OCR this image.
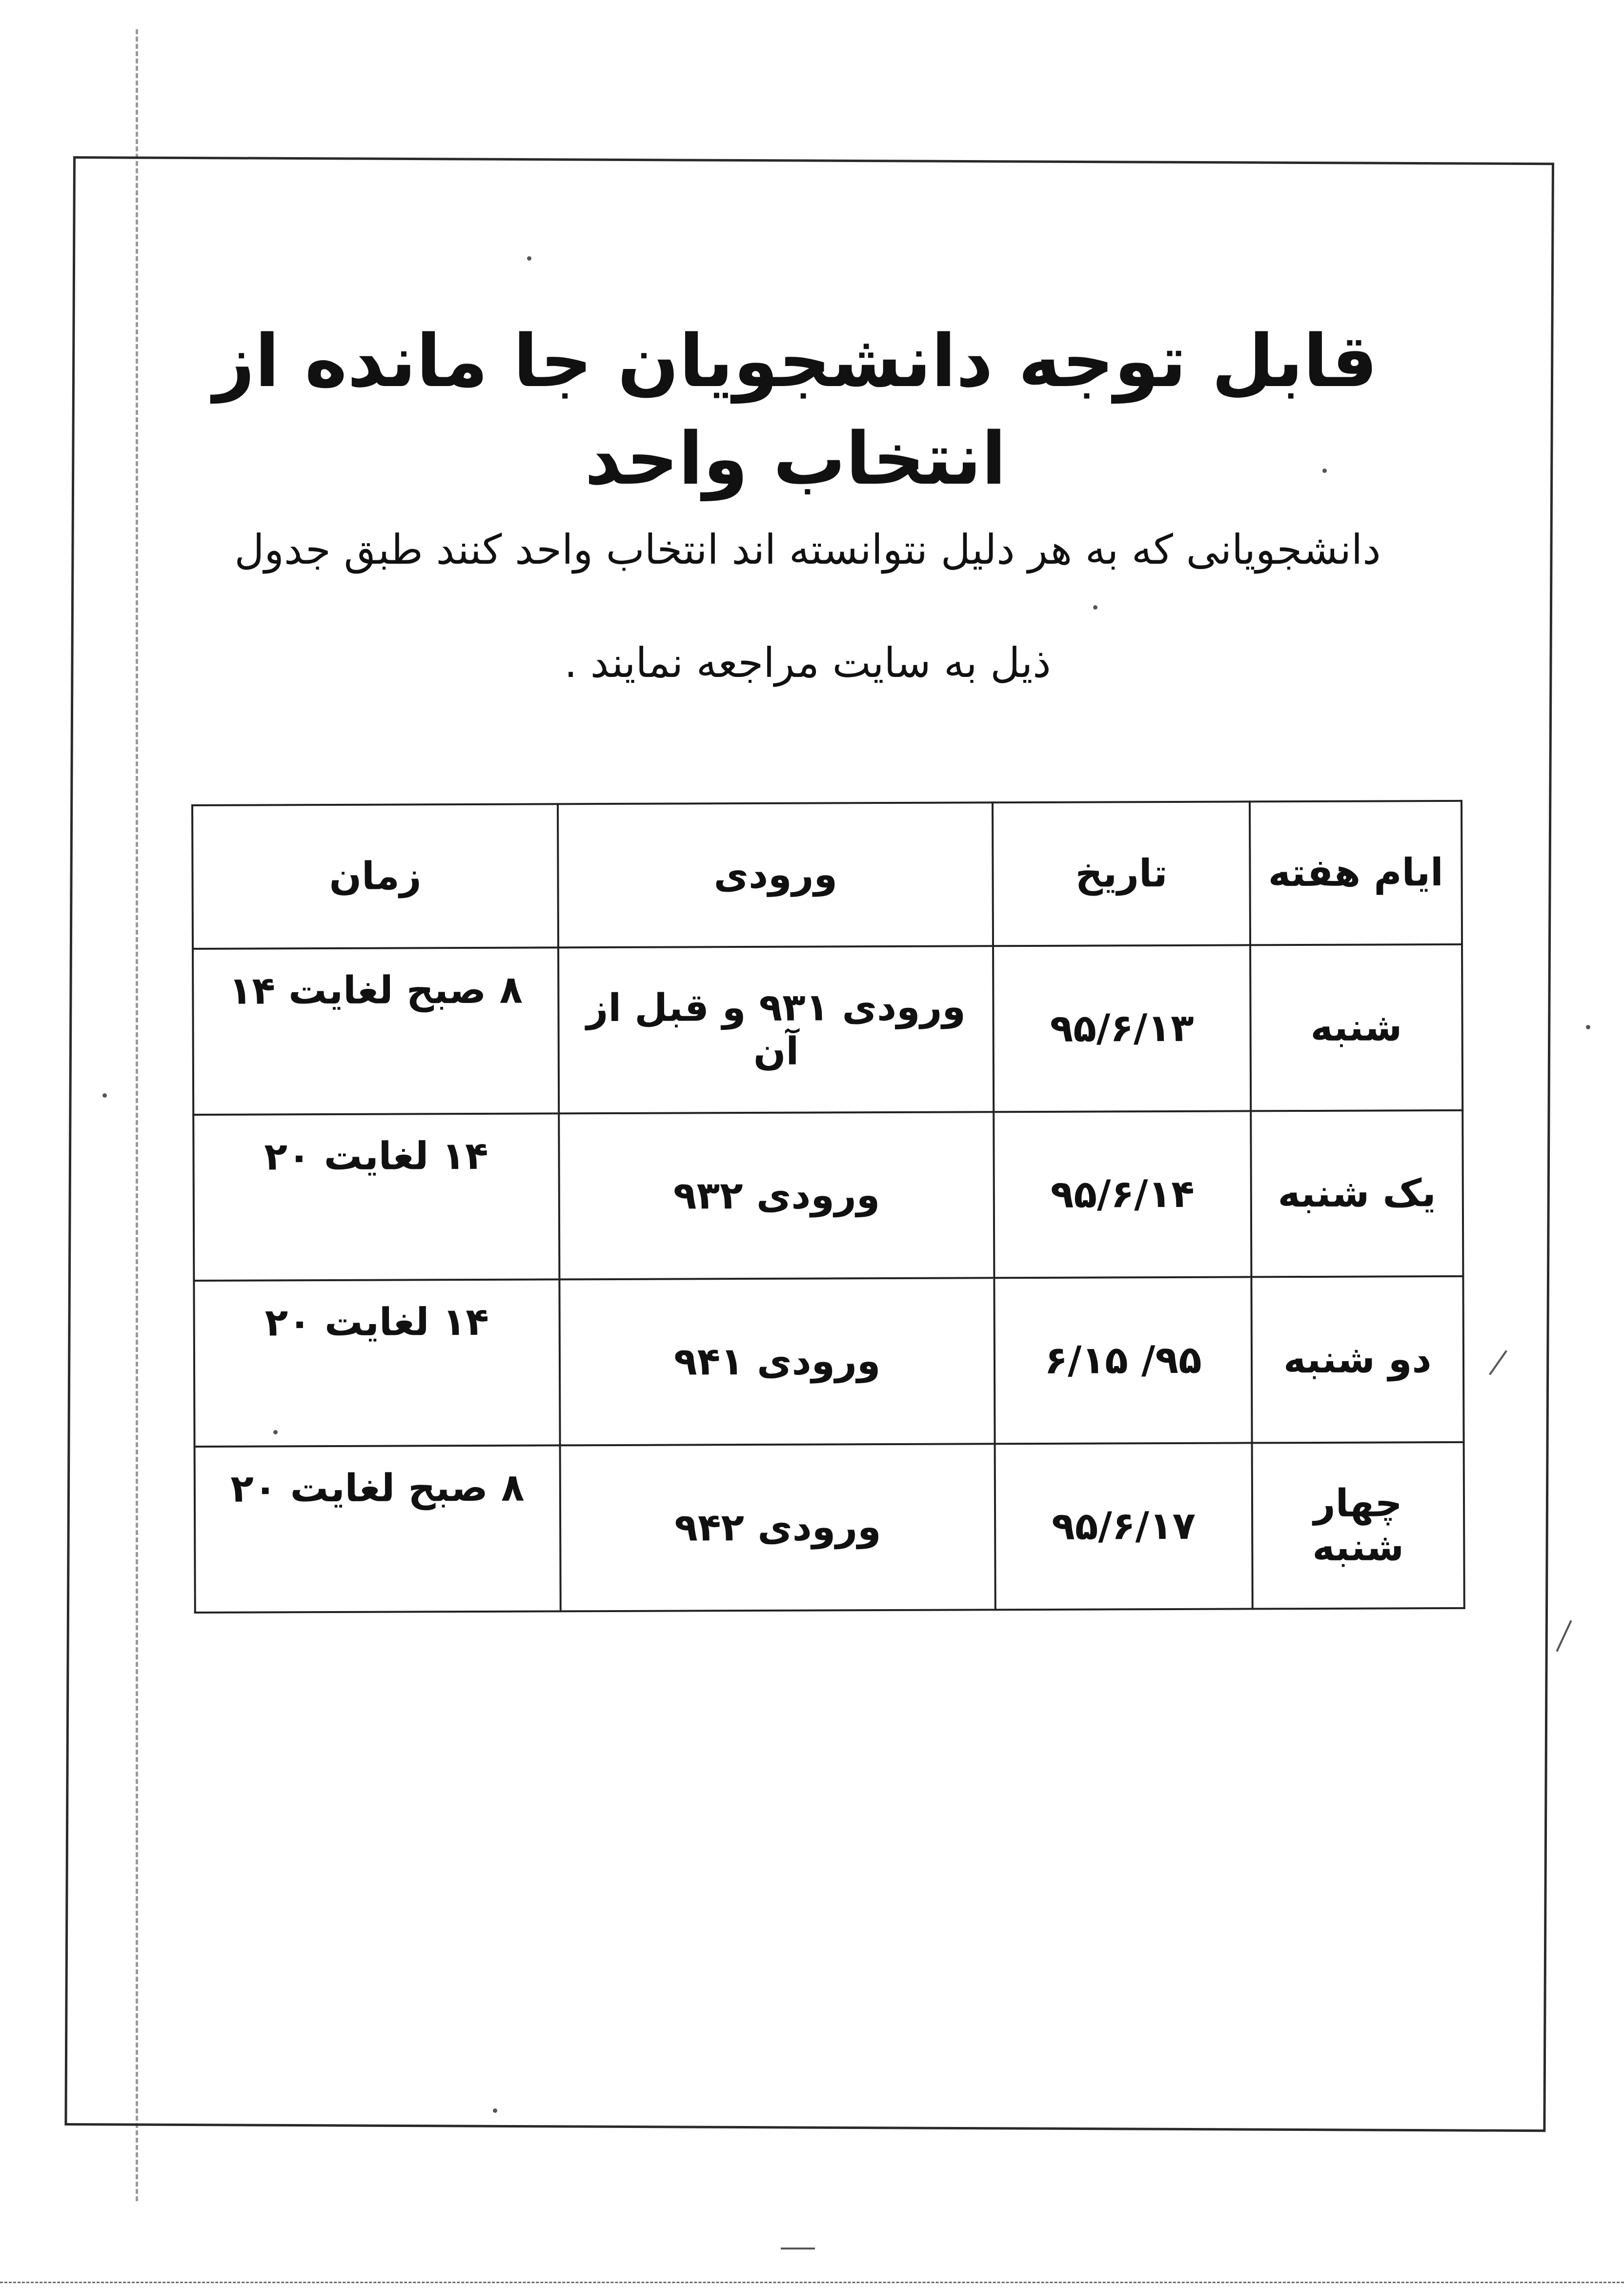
قابل توجه دانشجویان جا مانده از انتخاب واحد
دانشجویانی که به هر دلیل نتوانسته اند انتخاب واحد کنند طبق جدول
ذیل به سایت مراجعه نمایند .
ایام هفته	تاریخ	ورودی	زمان
شنبه	۹۵/۶/۱۳	ورودی ۹۳۱ و قبل از آن	۸ صبح لغایت ۱۴
یک شنبه	۹۵/۶/۱۴	ورودی ۹۳۲	۱۴ لغایت ۲۰
دو شنبه	۹۵/ ۶/۱۵	ورودی ۹۴۱	۱۴ لغایت ۲۰
چهار شنبه	۹۵/۶/۱۷	ورودی ۹۴۲	۸ صبح لغایت ۲۰
